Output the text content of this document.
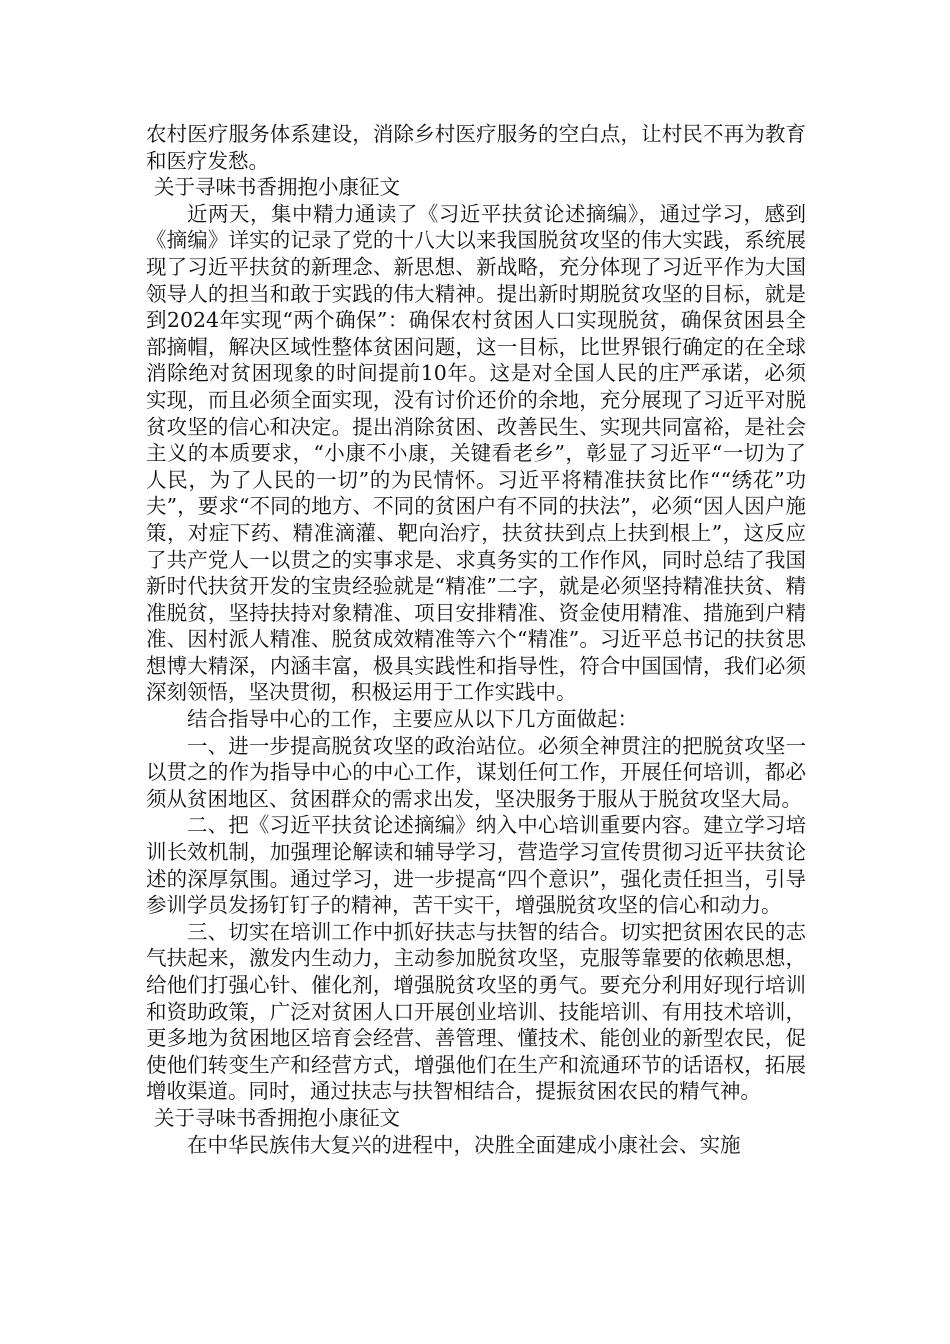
农村医疗服务体系建设，消除乡村医疗服务的空白点，让村民不再为教育和医疗发愁。

关于寻味书香拥抱小康征文

近两天，集中精力通读了《习近平扶贫论述摘编》，通过学习，感到《摘编》详实的记录了党的十八大以来我国脱贫攻坚的伟大实践，系统展现了习近平扶贫的新理念、新思想、新战略，充分体现了习近平作为大国领导人的担当和敢于实践的伟大精神。提出新时期脱贫攻坚的目标，就是到2024年实现“两个确保”：确保农村贫困人口实现脱贫，确保贫困县全部摘帽，解决区域性整体贫困问题，这一目标，比世界银行确定的在全球消除绝对贫困现象的时间提前10年。这是对全国人民的庄严承诺，必须实现，而且必须全面实现，没有讨价还价的余地，充分展现了习近平对脱贫攻坚的信心和决定。提出消除贫困、改善民生、实现共同富裕，是社会主义的本质要求，“小康不小康，关键看老乡”，彰显了习近平“一切为了人民，为了人民的一切”的为民情怀。习近平将精准扶贫比作““绣花”功夫”，要求“不同的地方、不同的贫困户有不同的扶法”，必须“因人因户施策，对症下药、精准滴灌、靶向治疗，扶贫扶到点上扶到根上”，这反应了共产党人一以贯之的实事求是、求真务实的工作作风，同时总结了我国新时代扶贫开发的宝贵经验就是“精准”二字，就是必须坚持精准扶贫、精准脱贫，坚持扶持对象精准、项目安排精准、资金使用精准、措施到户精准、因村派人精准、脱贫成效精准等六个“精准”。习近平总书记的扶贫思想博大精深，内涵丰富，极具实践性和指导性，符合中国国情，我们必须深刻领悟，坚决贯彻，积极运用于工作实践中。

结合指导中心的工作，主要应从以下几方面做起：

一、进一步提高脱贫攻坚的政治站位。必须全神贯注的把脱贫攻坚一以贯之的作为指导中心的中心工作，谋划任何工作，开展任何培训，都必须从贫困地区、贫困群众的需求出发，坚决服务于服从于脱贫攻坚大局。

二、把《习近平扶贫论述摘编》纳入中心培训重要内容。建立学习培训长效机制，加强理论解读和辅导学习，营造学习宣传贯彻习近平扶贫论述的深厚氛围。通过学习，进一步提高“四个意识”，强化责任担当，引导参训学员发扬钉钉子的精神，苦干实干，增强脱贫攻坚的信心和动力。

三、切实在培训工作中抓好扶志与扶智的结合。切实把贫困农民的志气扶起来，激发内生动力，主动参加脱贫攻坚，克服等靠要的依赖思想，给他们打强心针、催化剂，增强脱贫攻坚的勇气。要充分利用好现行培训和资助政策，广泛对贫困人口开展创业培训、技能培训、有用技术培训，更多地为贫困地区培育会经营、善管理、懂技术、能创业的新型农民，促使他们转变生产和经营方式，增强他们在生产和流通环节的话语权，拓展增收渠道。同时，通过扶志与扶智相结合，提振贫困农民的精气神。

关于寻味书香拥抱小康征文

在中华民族伟大复兴的进程中，决胜全面建成小康社会、实施
